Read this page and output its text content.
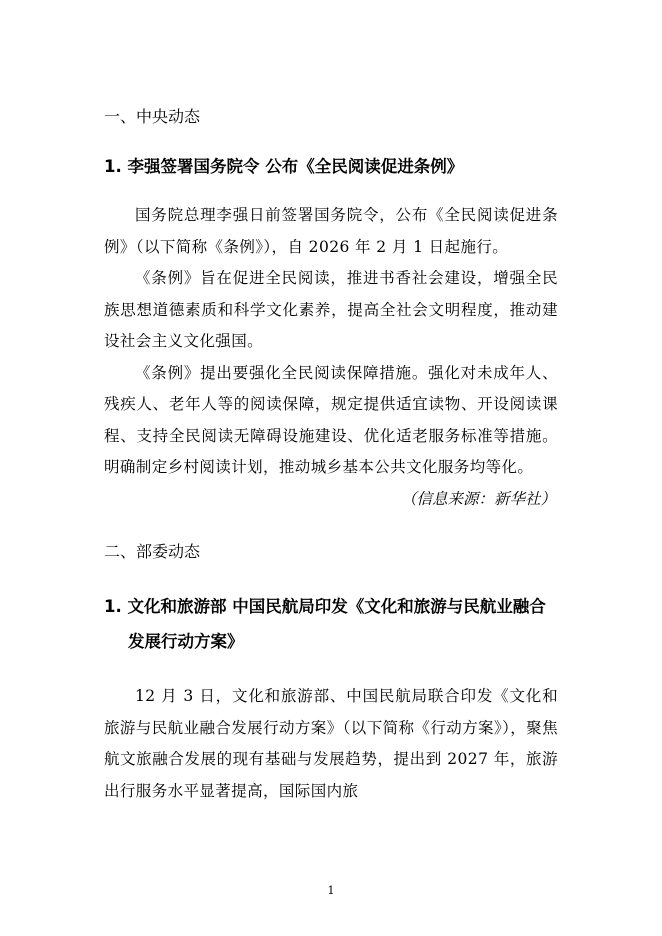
一、中央动态

1. 李强签署国务院令 公布《全民阅读促进条例》

国务院总理李强日前签署国务院令，公布《全民阅读促进条例》（以下简称《条例》），自 2026 年 2 月 1 日起施行。

《条例》旨在促进全民阅读，推进书香社会建设，增强全民族思想道德素质和科学文化素养，提高全社会文明程度，推动建设社会主义文化强国。

《条例》提出要强化全民阅读保障措施。强化对未成年人、残疾人、老年人等的阅读保障，规定提供适宜读物、开设阅读课程、支持全民阅读无障碍设施建设、优化适老服务标准等措施。明确制定乡村阅读计划，推动城乡基本公共文化服务均等化。

（信息来源：新华社）

二、部委动态

1. 文化和旅游部 中国民航局印发《文化和旅游与民航业融合发展行动方案》

12 月 3 日，文化和旅游部、中国民航局联合印发《文化和旅游与民航业融合发展行动方案》（以下简称《行动方案》），聚焦航文旅融合发展的现有基础与发展趋势，提出到 2027 年，旅游出行服务水平显著提高，国际国内旅

1
